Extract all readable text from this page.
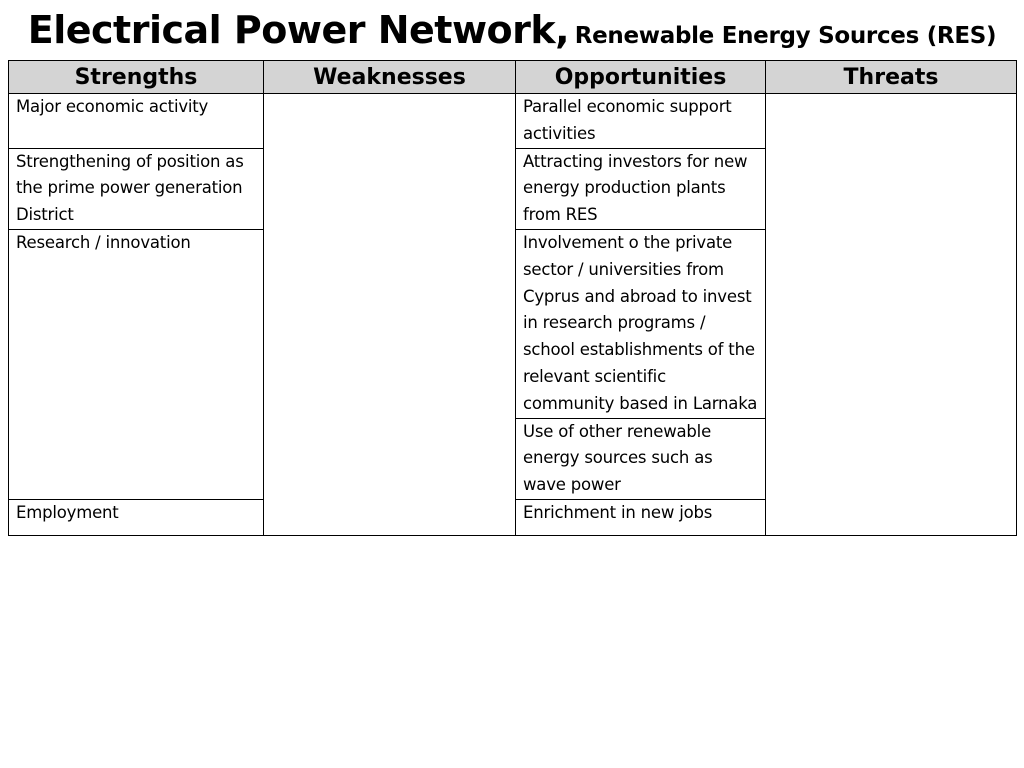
Electrical Power Network, Renewable Energy Sources (RES)
Strengths	Weaknesses	Opportunities	Threats

Major economic activity		Parallel economic support activities	

Strengthening of position as the prime power generation District		Attracting investors for new energy production plants from RES	

Research / innovation		Involvement o the private sector / universities from Cyprus and abroad to invest in research programs / school establishments of the relevant scientific community based in Larnaka	

		Use of other renewable energy sources such as wave power	

Employment		Enrichment in new jobs	
